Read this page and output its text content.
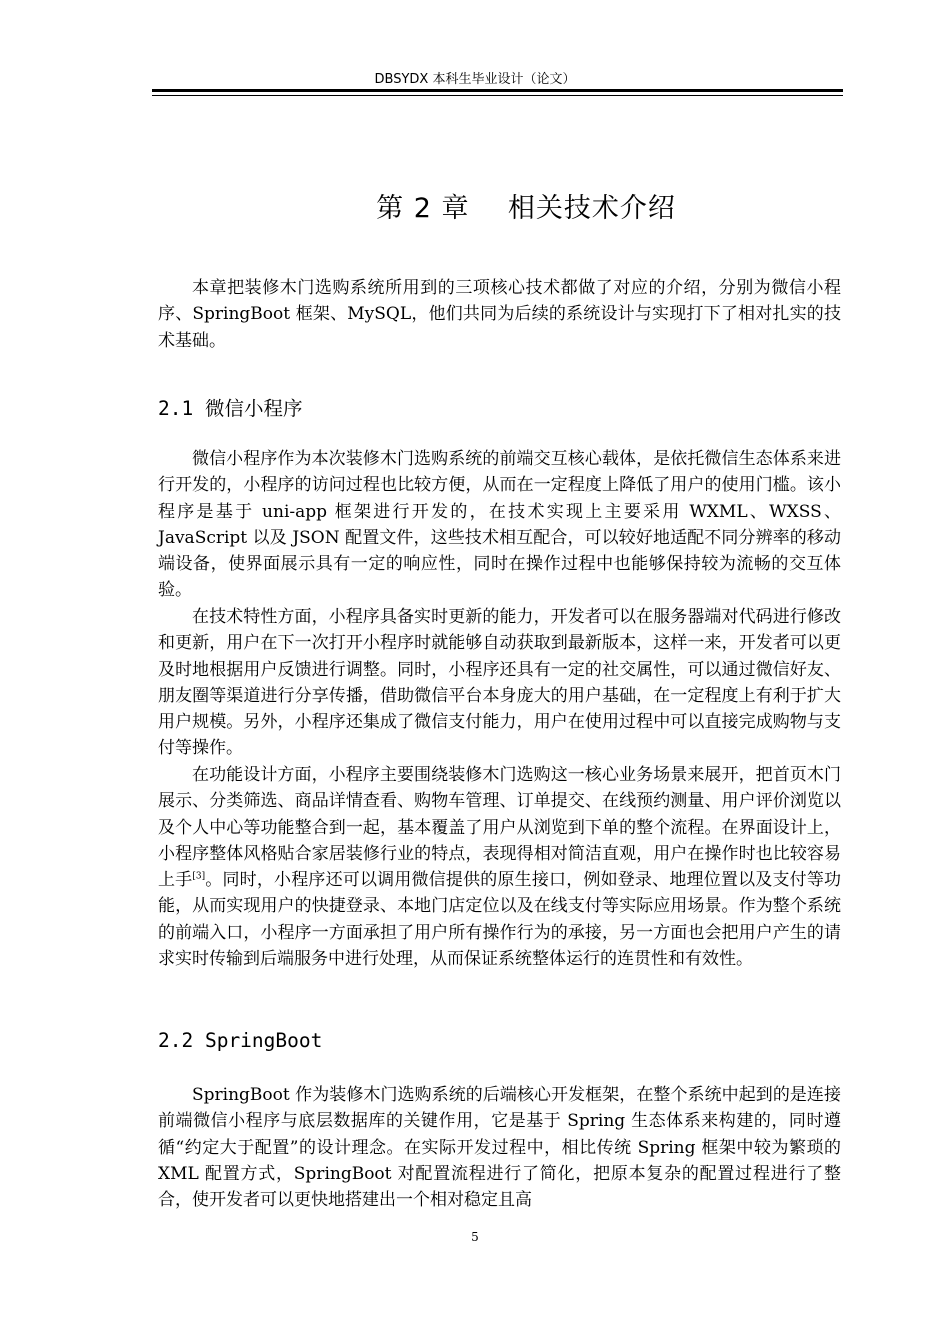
DBSYDX 本科生毕业设计（论文）
第 2 章    相关技术介绍

本章把装修木门选购系统所用到的三项核心技术都做了对应的介绍，分别为微信小程序、SpringBoot 框架、MySQL，他们共同为后续的系统设计与实现打下了相对扎实的技术基础。

2.1 微信小程序

微信小程序作为本次装修木门选购系统的前端交互核心载体，是依托微信生态体系来进行开发的，小程序的访问过程也比较方便，从而在一定程度上降低了用户的使用门槛。该小程序是基于 uni-app 框架进行开发的，在技术实现上主要采用 WXML、WXSS、JavaScript 以及 JSON 配置文件，这些技术相互配合，可以较好地适配不同分辨率的移动端设备，使界面展示具有一定的响应性，同时在操作过程中也能够保持较为流畅的交互体验。

在技术特性方面，小程序具备实时更新的能力，开发者可以在服务器端对代码进行修改和更新，用户在下一次打开小程序时就能够自动获取到最新版本，这样一来，开发者可以更及时地根据用户反馈进行调整。同时，小程序还具有一定的社交属性，可以通过微信好友、朋友圈等渠道进行分享传播，借助微信平台本身庞大的用户基础，在一定程度上有利于扩大用户规模。另外，小程序还集成了微信支付能力，用户在使用过程中可以直接完成购物与支付等操作。

在功能设计方面，小程序主要围绕装修木门选购这一核心业务场景来展开，把首页木门展示、分类筛选、商品详情查看、购物车管理、订单提交、在线预约测量、用户评价浏览以及个人中心等功能整合到一起，基本覆盖了用户从浏览到下单的整个流程。在界面设计上，小程序整体风格贴合家居装修行业的特点，表现得相对简洁直观，用户在操作时也比较容易上手[3]。同时，小程序还可以调用微信提供的原生接口，例如登录、地理位置以及支付等功能，从而实现用户的快捷登录、本地门店定位以及在线支付等实际应用场景。作为整个系统的前端入口，小程序一方面承担了用户所有操作行为的承接，另一方面也会把用户产生的请求实时传输到后端服务中进行处理，从而保证系统整体运行的连贯性和有效性。

2.2 SpringBoot

SpringBoot 作为装修木门选购系统的后端核心开发框架，在整个系统中起到的是连接前端微信小程序与底层数据库的关键作用，它是基于 Spring 生态体系来构建的，同时遵循“约定大于配置”的设计理念。在实际开发过程中，相比传统 Spring 框架中较为繁琐的 XML 配置方式，SpringBoot 对配置流程进行了简化，把原本复杂的配置过程进行了整合，使开发者可以更快地搭建出一个相对稳定且高

5
